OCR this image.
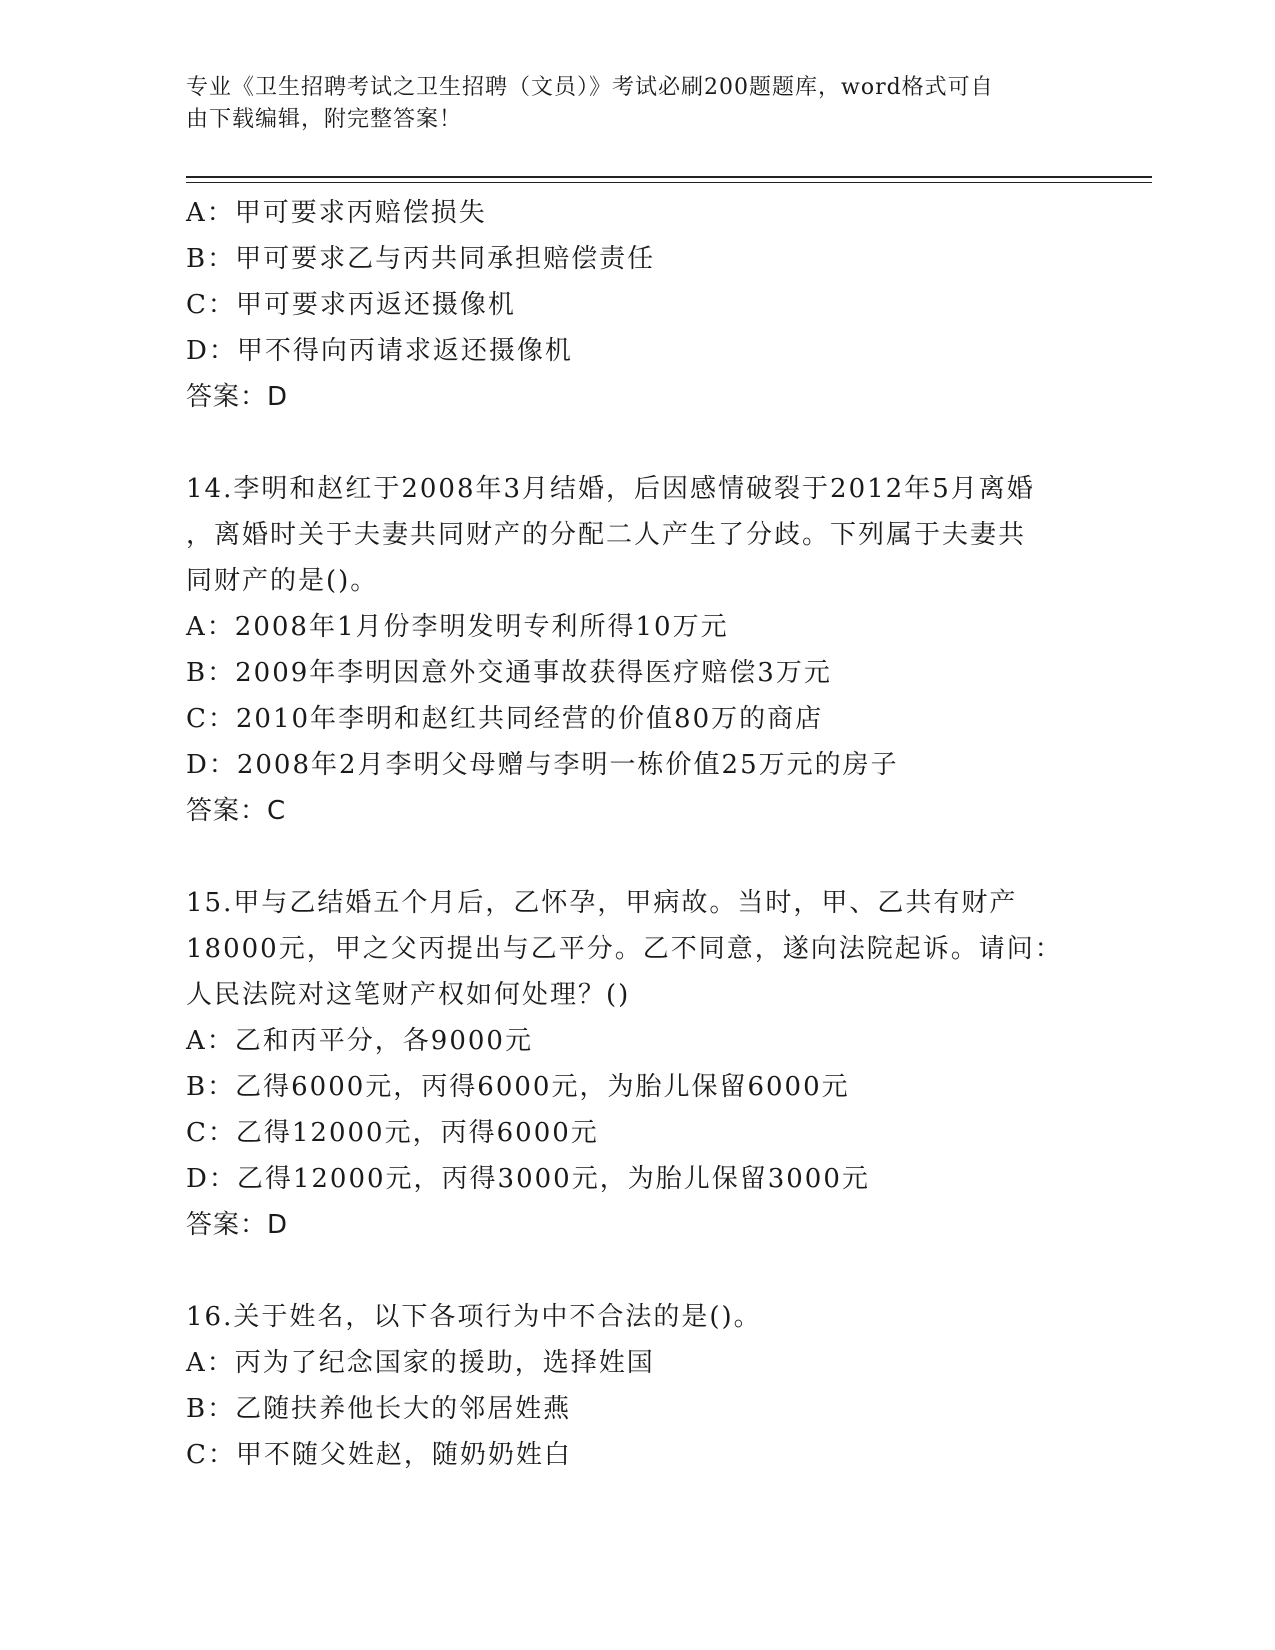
专业《卫生招聘考试之卫生招聘（文员）》考试必刷200题题库，word格式可自
由下载编辑，附完整答案！
A：甲可要求丙赔偿损失
B：甲可要求乙与丙共同承担赔偿责任
C：甲可要求丙返还摄像机
D：甲不得向丙请求返还摄像机
答案：D
14.李明和赵红于2008年3月结婚，后因感情破裂于2012年5月离婚
，离婚时关于夫妻共同财产的分配二人产生了分歧。下列属于夫妻共
同财产的是()。
A：2008年1月份李明发明专利所得10万元
B：2009年李明因意外交通事故获得医疗赔偿3万元
C：2010年李明和赵红共同经营的价值80万的商店
D：2008年2月李明父母赠与李明一栋价值25万元的房子
答案：C
15.甲与乙结婚五个月后，乙怀孕，甲病故。当时，甲、乙共有财产
18000元，甲之父丙提出与乙平分。乙不同意，遂向法院起诉。请问：
人民法院对这笔财产权如何处理？()
A：乙和丙平分，各9000元
B：乙得6000元，丙得6000元，为胎儿保留6000元
C：乙得12000元，丙得6000元
D：乙得12000元，丙得3000元，为胎儿保留3000元
答案：D
16.关于姓名，以下各项行为中不合法的是()。
A：丙为了纪念国家的援助，选择姓国
B：乙随扶养他长大的邻居姓燕
C：甲不随父姓赵，随奶奶姓白
